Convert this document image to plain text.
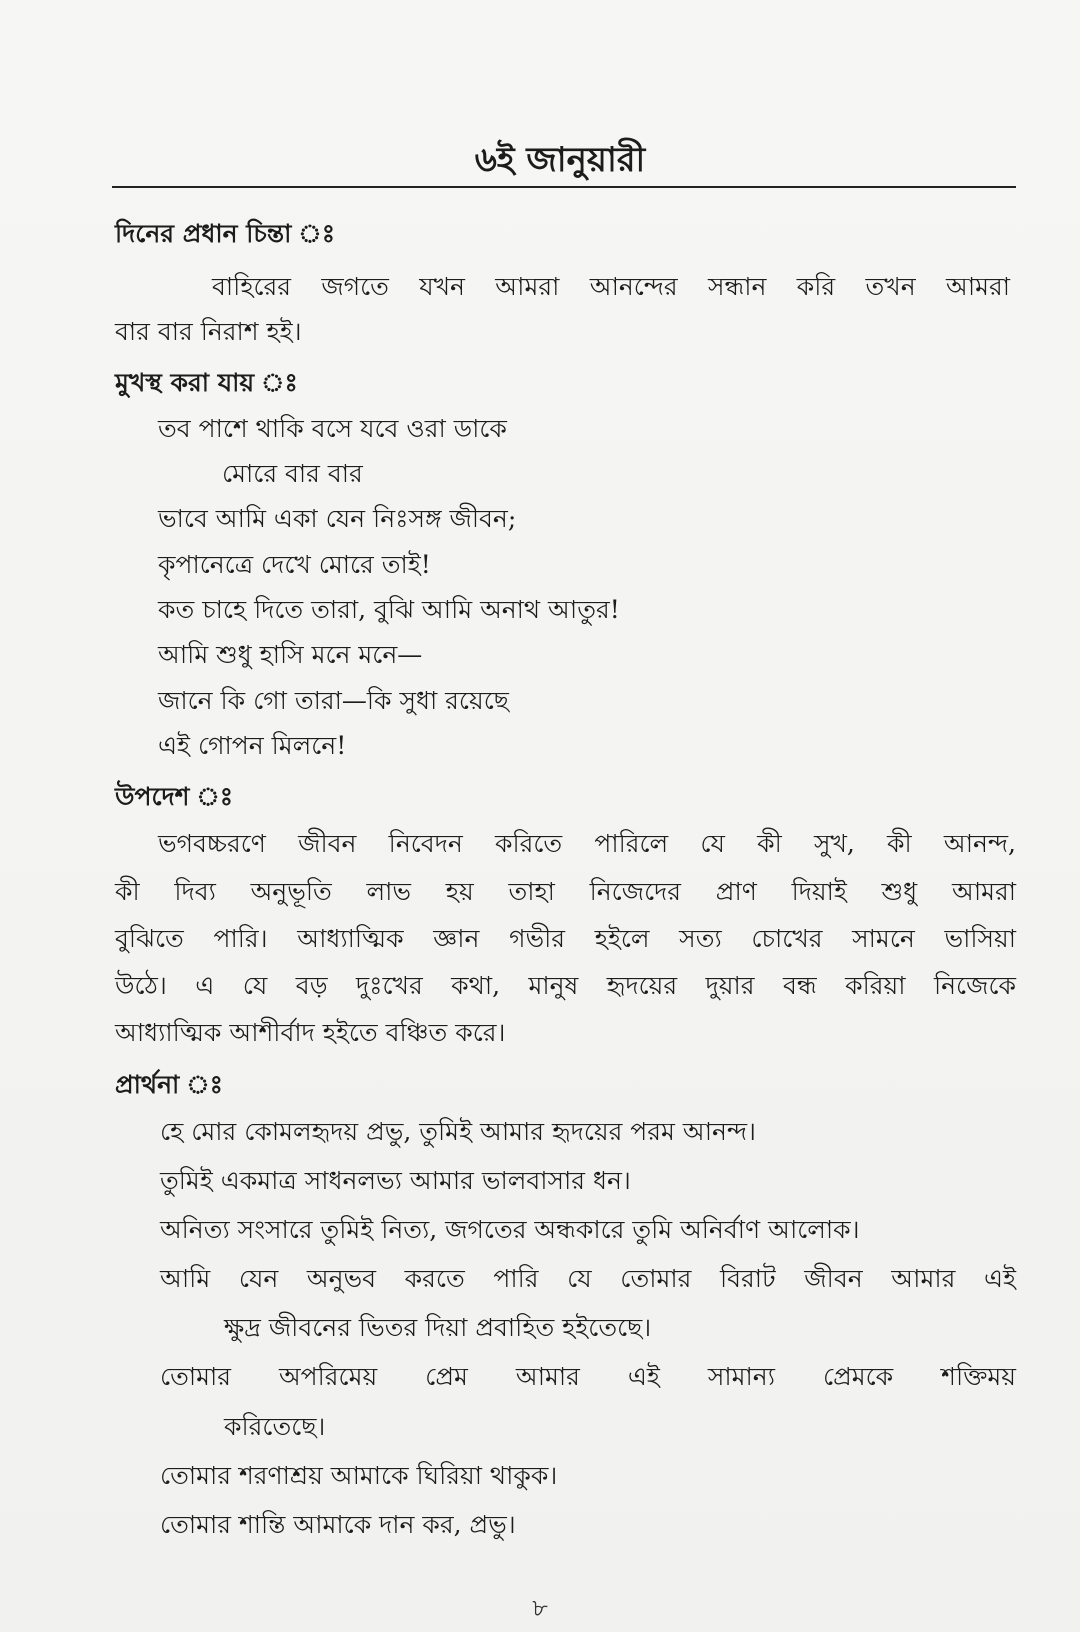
৬ই জানুয়ারী
দিনের প্রধান চিন্তা ঃ
বাহিরের জগতে যখন আমরা আনন্দের সন্ধান করি তখন আমরা
বার বার নিরাশ হই।
মুখস্থ করা যায় ঃ
তব পাশে থাকি বসে যবে ওরা ডাকে
মোরে বার বার
ভাবে আমি একা যেন নিঃসঙ্গ জীবন;
কৃপানেত্রে দেখে মোরে তাই!
কত চাহে দিতে তারা, বুঝি আমি অনাথ আতুর!
আমি শুধু হাসি মনে মনে—
জানে কি গো তারা—কি সুধা রয়েছে
এই গোপন মিলনে!
উপদেশ ঃ
ভগবচ্চরণে জীবন নিবেদন করিতে পারিলে যে কী সুখ, কী আনন্দ,
কী দিব্য অনুভূতি লাভ হয় তাহা নিজেদের প্রাণ দিয়াই শুধু আমরা
বুঝিতে পারি। আধ্যাত্মিক জ্ঞান গভীর হইলে সত্য চোখের সামনে ভাসিয়া
উঠে। এ যে বড় দুঃখের কথা, মানুষ হৃদয়ের দুয়ার বন্ধ করিয়া নিজেকে
আধ্যাত্মিক আশীর্বাদ হইতে বঞ্চিত করে।
প্রার্থনা ঃ
হে মোর কোমলহৃদয় প্রভু, তুমিই আমার হৃদয়ের পরম আনন্দ।
তুমিই একমাত্র সাধনলভ্য আমার ভালবাসার ধন।
অনিত্য সংসারে তুমিই নিত্য, জগতের অন্ধকারে তুমি অনির্বাণ আলোক।
আমি যেন অনুভব করতে পারি যে তোমার বিরাট জীবন আমার এই
ক্ষুদ্র জীবনের ভিতর দিয়া প্রবাহিত হইতেছে।
তোমার অপরিমেয় প্রেম আমার এই সামান্য প্রেমকে শক্তিময়
করিতেছে।
তোমার শরণাশ্রয় আমাকে ঘিরিয়া থাকুক।
তোমার শান্তি আমাকে দান কর, প্রভু।
৮
